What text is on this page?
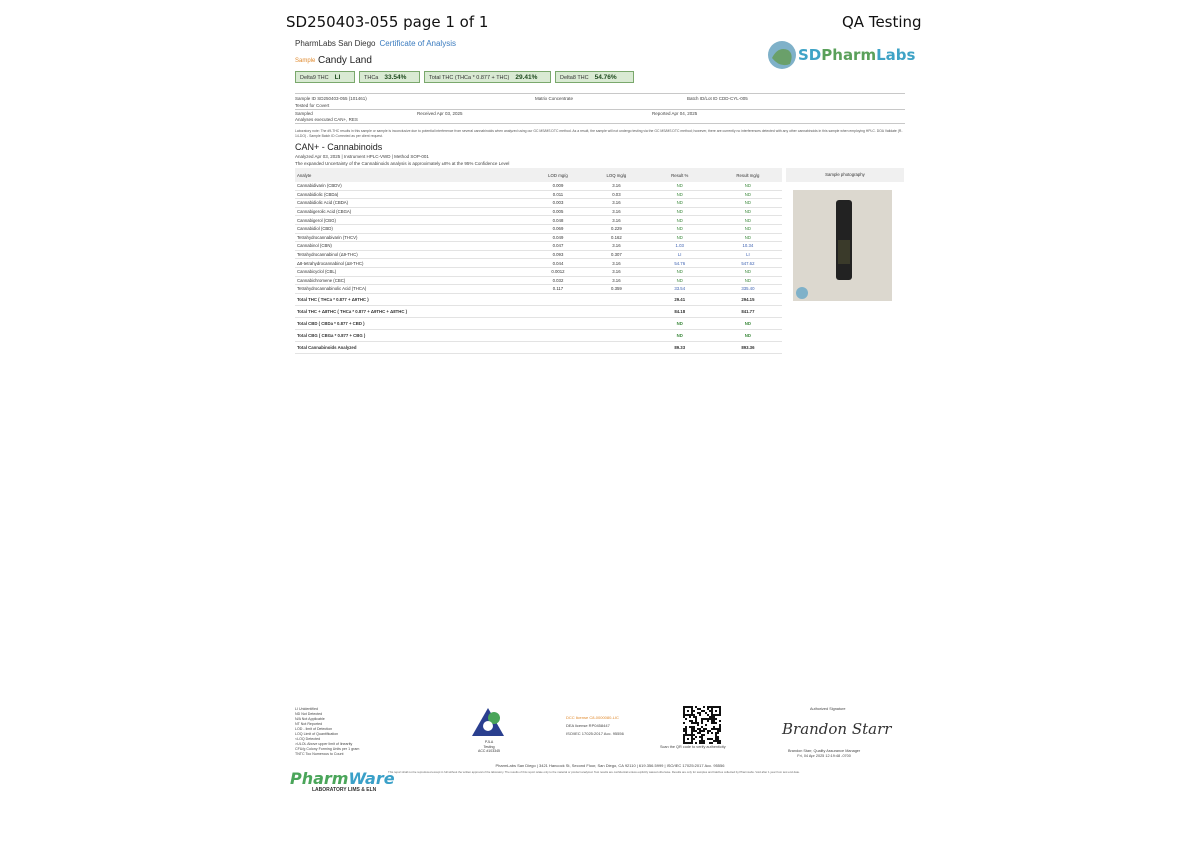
SD250403-055 page 1 of 1	QA Testing
PharmLabs San Diego Certificate of Analysis
Sample Candy Land	SDPharmLabs
Delta9 THC LI	THCa 33.54%	Total THC (THCa * 0.877 + THC) 29.41%	Delta8 THC 54.76%
Sample ID SD250403-055 (101461)	Matrix Concentrate	Batch ID/Lot ID CDD-CYL-005
Tested for Covert
Sampled	Received Apr 03, 2025	Reported Apr 04, 2025
Analyses executed CAN+, RES
Laboratory note: The d9-THC results in this sample or sample is inconclusive due to potential interference from several cannabinoids when analyzed using our GC MS/MS DTC method. As a result, the sample will not undergo testing via the GC MS/MS DTC method; however, there are currently no interferences detected with any other cannabinoids in this sample when employing HPLC. DOA Validate (R-14-DO) - Sample Batch ID Corrected as per client request.
CAN+ - Cannabinoids
Analyzed Apr 03, 2025 | Instrument HPLC-VWD | Method SOP-001
The expanded Uncertainty of the Cannabinoids analysis is approximately ±8% at the 95% Confidence Level
Analyte	LOD mg/g	LOQ mg/g	Result %	Result mg/g
Cannabidivarin (CBDV)	0.009	3.16	ND	ND
Cannabidiolic (CBDa)	0.011	0.03	ND	ND
Cannabidiolic Acid (CBDA)	0.003	3.16	ND	ND
Cannabigerolic Acid (CBGA)	0.005	3.16	ND	ND
Cannabigerol (CBG)	0.048	3.16	ND	ND
Cannabidiol (CBD)	0.069	0.229	ND	ND
Tetrahydrocannabivarin (THCV)	0.049	0.162	ND	ND
Cannabinol (CBN)	0.047	3.16	1.03	10.34
Tetrahydrocannabinol (Δ9-THC)	0.093	0.307	LI	LI
Δ8-tetrahydrocannabinol (Δ8-THC)	0.044	3.16	54.76	547.62
Cannabicyclol (CBL)	0.0012	3.16	ND	ND
Cannabichromene (CBC)	0.032	3.16	ND	ND
Tetrahydrocannabinolic Acid (THCA)	0.117	0.359	33.54	335.40
Total THC ( THCa * 0.877 + Δ9THC )			29.41	294.15
Total THC + Δ8THC ( THCa * 0.877 + Δ9THC + Δ8THC )			84.18	841.77
Total CBD ( CBDa * 0.877 + CBD )			ND	ND
Total CBG ( CBGa * 0.877 + CBG )			ND	ND
Total Cannabinoids Analyzed			89.33	893.36
Sample photography
LI Unidentified
ND Not Detected
N/A Not Applicable
NT Not Reported
LOD - limit of Detection
LOQ Limit of Quantification
<LOQ Detected
>ULOL Above upper limit of linearity
CFU/g Colony Forming Units per 1 gram
TNTC Too Numerous to Count
PJLA
Testing
ACC #103345
DCC license C8-0000080-LIC
DEA license RP0458447
ISO/IEC 17025:2017 Acc. 95556
Scan the QR code to verify authenticity
Authorized Signature
Brandon Starr
Brandon Starr, Quality Assurance Manager
Fri, 04 Apr 2025 12:19:48 -0700
PharmWare
LABORATORY LIMS & ELN
PharmLabs San Diego | 3421 Hancock St, Second Floor, San Diego, CA 92110 | 619.356.5999 | ISO/IEC 17025:2017 Acc. 95556
This report shall not be reproduced except in full without the written approval of the laboratory. The results of this report relate only to the material or product analyzed. Test results are confidential unless explicitly waived otherwise. Results are only for samples and batches collected by PharmLabs. Void after 1 year from test end date.
